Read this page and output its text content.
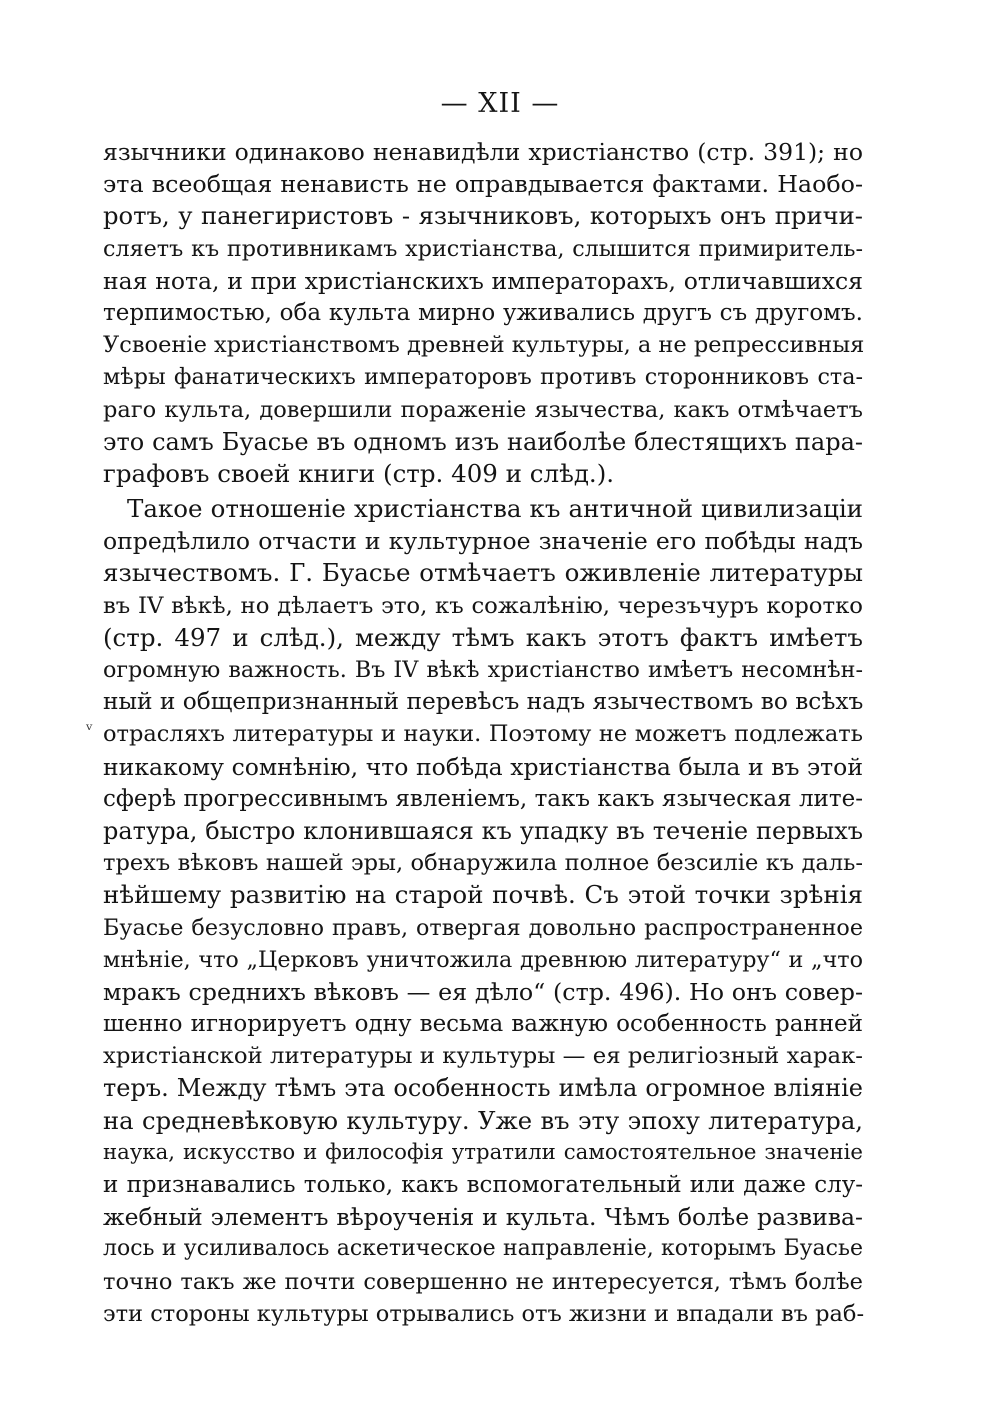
— XII —
язычники одинаково ненавидѣли христіанство (стр. 391); но
эта всеобщая ненависть не оправдывается фактами. Наобо-
ротъ, у панегиристовъ - язычниковъ, которыхъ онъ причи-
сляетъ къ противникамъ христіанства, слышится примиритель-
ная нота, и при христіанскихъ императорахъ, отличавшихся
терпимостью, оба культа мирно уживались другъ съ другомъ.
Усвоеніе христіанствомъ древней культуры, а не репрессивныя
мѣры фанатическихъ императоровъ противъ сторонниковъ ста-
раго культа, довершили пораженіе язычества, какъ отмѣчаетъ
это самъ Буасье въ одномъ изъ наиболѣе блестящихъ пара-
графовъ своей книги (стр. 409 и слѣд.).
Такое отношеніе христіанства къ античной цивилизаціи
опредѣлило отчасти и культурное значеніе его побѣды надъ
язычествомъ. Г. Буасье отмѣчаетъ оживленіе литературы
въ IV вѣкѣ, но дѣлаетъ это, къ сожалѣнію, черезъчуръ коротко
(стр. 497 и слѣд.), между тѣмъ какъ этотъ фактъ имѣетъ
огромную важность. Въ IV вѣкѣ христіанство имѣетъ несомнѣн-
ный и общепризнанный перевѣсъ надъ язычествомъ во всѣхъ
отрасляхъ литературы и науки. Поэтому не можетъ подлежать
никакому сомнѣнію, что побѣда христіанства была и въ этой
сферѣ прогрессивнымъ явленіемъ, такъ какъ языческая лите-
ратура, быстро клонившаяся къ упадку въ теченіе первыхъ
трехъ вѣковъ нашей эры, обнаружила полное безсиліе къ даль-
нѣйшему развитію на старой почвѣ. Съ этой точки зрѣнія
Буасье безусловно правъ, отвергая довольно распространенное
мнѣніе, что „Церковъ уничтожила древнюю литературу“ и „что
мракъ среднихъ вѣковъ — ея дѣло“ (стр. 496). Но онъ совер-
шенно игнорируетъ одну весьма важную особенность ранней
христіанской литературы и культуры — ея религіозный харак-
теръ. Между тѣмъ эта особенность имѣла огромное вліяніе
на средневѣковую культуру. Уже въ эту эпоху литература,
наука, искусство и философія утратили самостоятельное значеніе
и признавались только, какъ вспомогательный или даже слу-
жебный элементъ вѣроученія и культа. Чѣмъ болѣе развива-
лось и усиливалось аскетическое направленіе, которымъ Буасье
точно такъ же почти совершенно не интересуется, тѣмъ болѣе
эти стороны культуры отрывались отъ жизни и впадали въ раб-
ᵥ
